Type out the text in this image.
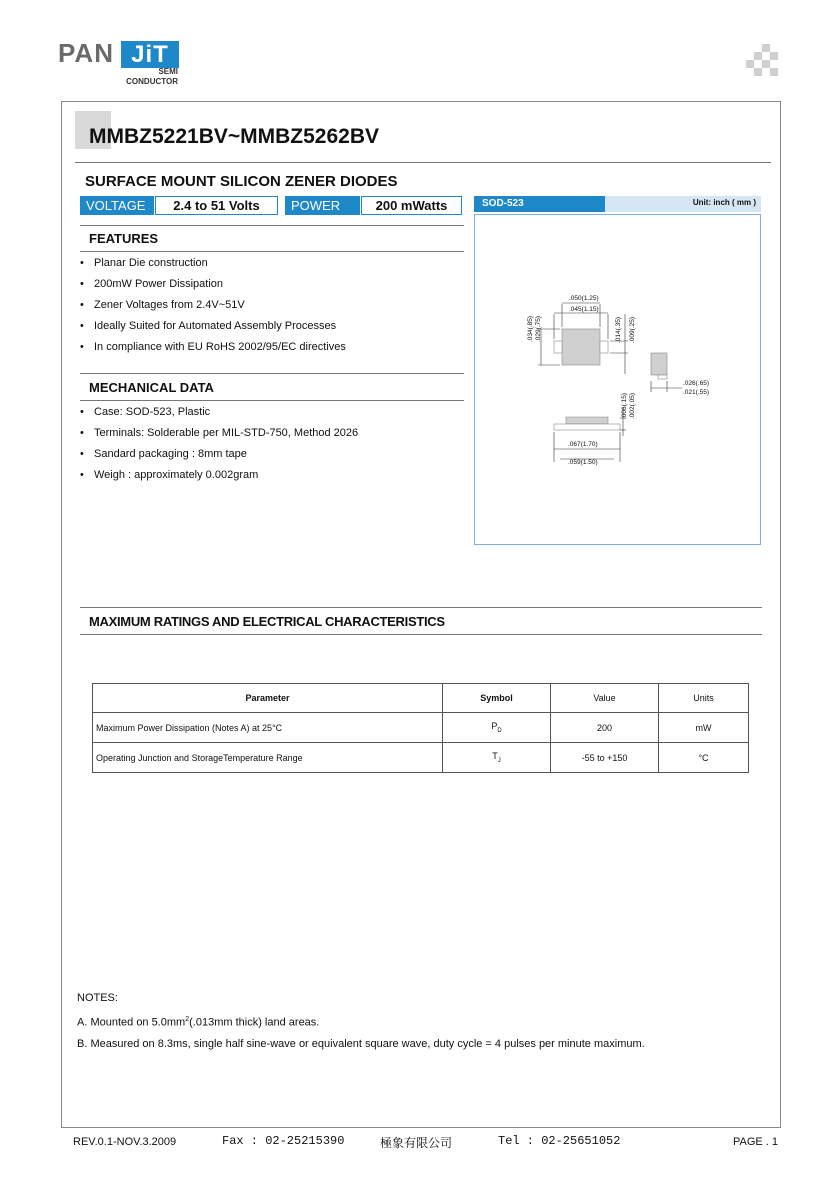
PAN JiT
SEMI
CONDUCTOR
MMBZ5221BV~MMBZ5262BV
SURFACE MOUNT SILICON ZENER DIODES
VOLTAGE	2.4 to 51 Volts	POWER	200 mWatts
FEATURES
• Planar Die construction
• 200mW Power Dissipation
• Zener Voltages from 2.4V~51V
• Ideally Suited for Automated Assembly Processes
• In compliance with EU RoHS 2002/95/EC directives
MECHANICAL DATA
• Case: SOD-523, Plastic
• Terminals: Solderable per MIL-STD-750, Method 2026
• Sandard packaging : 8mm tape
• Weigh : approximately 0.002gram
SOD-523	Unit: inch ( mm )
.050(1.25)
.045(1.15)
.067(1.70)
.059(1.50)
.026(.65)
.021(.55)
.034(.85) .029(.75)	.014(.35) .009(.25)
.006(.15) .002(.05)
MAXIMUM RATINGS AND ELECTRICAL CHARACTERISTICS
Parameter	Symbol	Value	Units
Maximum Power Dissipation (Notes A) at 25°C	$P_D$	200	mW
Operating Junction and StorageTemperature Range	$T_J$	-55 to +150	°C
NOTES:
A. Mounted on $5.0mm^2(.013mm$ thick) land areas.
B. Measured on 8.3ms, single half sine-wave or equivalent square wave, duty cycle = 4 pulses per minute maximum.
REV.0.1-NOV.3.2009	Fax : 02-25215390	極象有限公司	Tel : 02-25651052	PAGE . 1
